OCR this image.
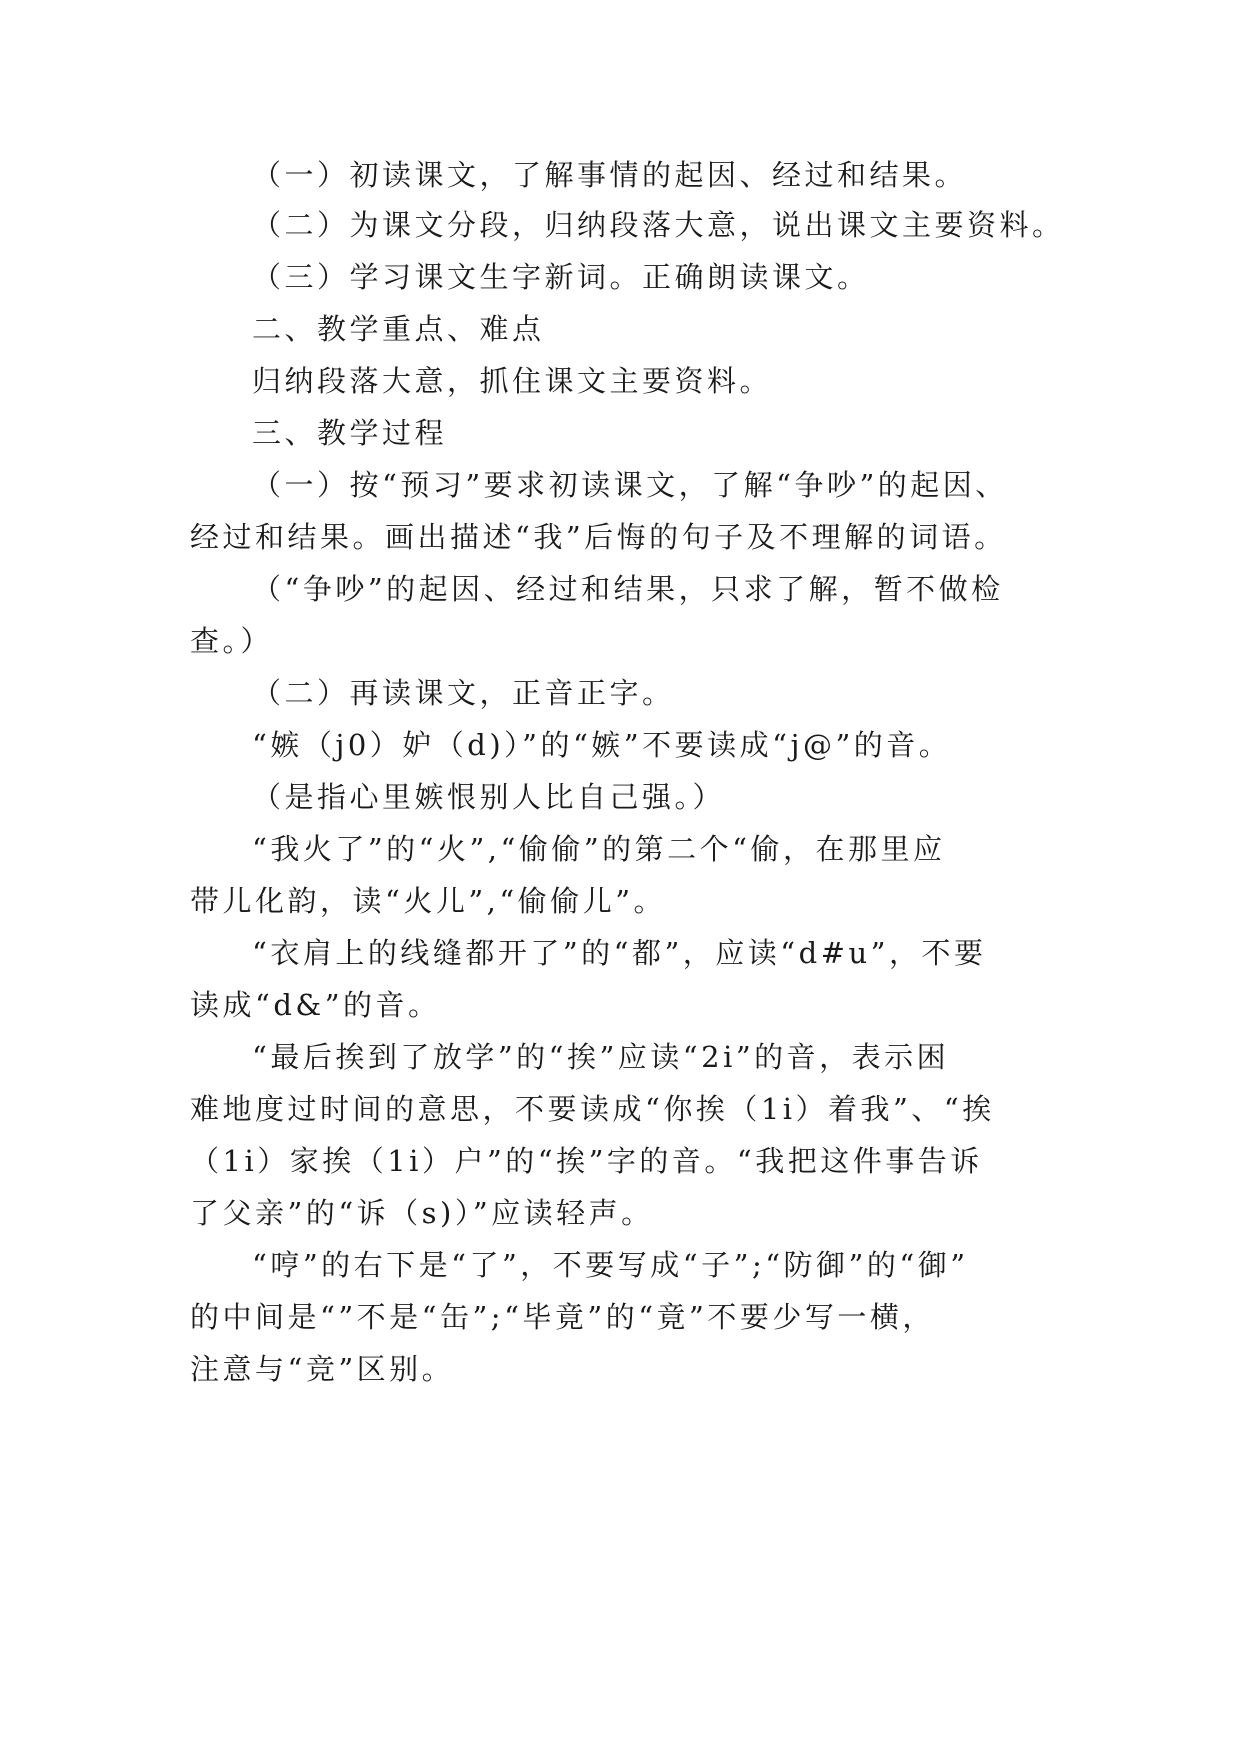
（一）初读课文，了解事情的起因、经过和结果。
（二）为课文分段，归纳段落大意，说出课文主要资料。
（三）学习课文生字新词。正确朗读课文。
二、教学重点、难点
归纳段落大意，抓住课文主要资料。
三、教学过程
（一）按“预习”要求初读课文，了解“争吵”的起因、
经过和结果。画出描述“我”后悔的句子及不理解的词语。
（“争吵”的起因、经过和结果，只求了解，暂不做检
查。）
（二）再读课文，正音正字。
“嫉（j0）妒（d)）”的“嫉”不要读成“j@”的音。
（是指心里嫉恨别人比自己强。）
“我火了”的“火”,“偷偷”的第二个“偷，在那里应
带儿化韵，读“火儿”,“偷偷儿”。
“衣肩上的线缝都开了”的“都”，应读“d#u”，不要
读成“d&”的音。
“最后挨到了放学”的“挨”应读“2i”的音，表示困
难地度过时间的意思，不要读成“你挨（1i）着我”、“挨
（1i）家挨（1i）户”的“挨”字的音。“我把这件事告诉
了父亲”的“诉（s)）”应读轻声。
“哼”的右下是“了”，不要写成“子”;“防御”的“御”
的中间是“”不是“缶”;“毕竟”的“竟”不要少写一横，
注意与“竞”区别。
